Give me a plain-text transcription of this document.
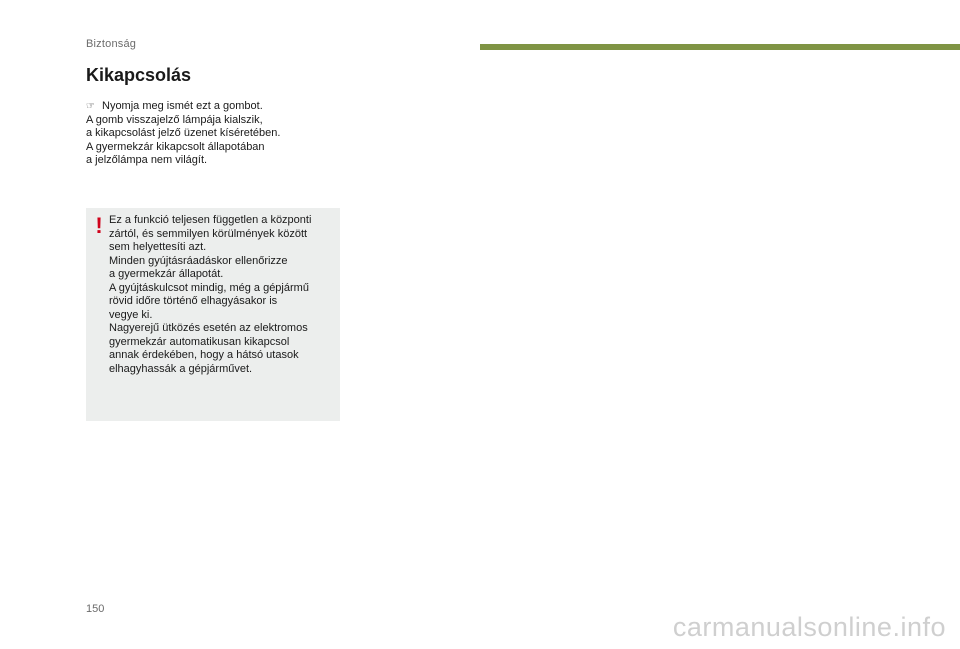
Biztonság
Kikapcsolás
☞ Nyomja meg ismét ezt a gombot.
A gomb visszajelző lámpája kialszik,
a kikapcsolást jelző üzenet kíséretében.
A gyermekzár kikapcsolt állapotában
a jelzőlámpa nem világít.
! Ez a funkció teljesen független a központi
zártól, és semmilyen körülmények között
sem helyettesíti azt.
Minden gyújtásráadáskor ellenőrizze
a gyermekzár állapotát.
A gyújtáskulcsot mindig, még a gépjármű
rövid időre történő elhagyásakor is
vegye ki.
Nagyerejű ütközés esetén az elektromos
gyermekzár automatikusan kikapcsol
annak érdekében, hogy a hátsó utasok
elhagyhassák a gépjárművet.
150
carmanualsonline.info
